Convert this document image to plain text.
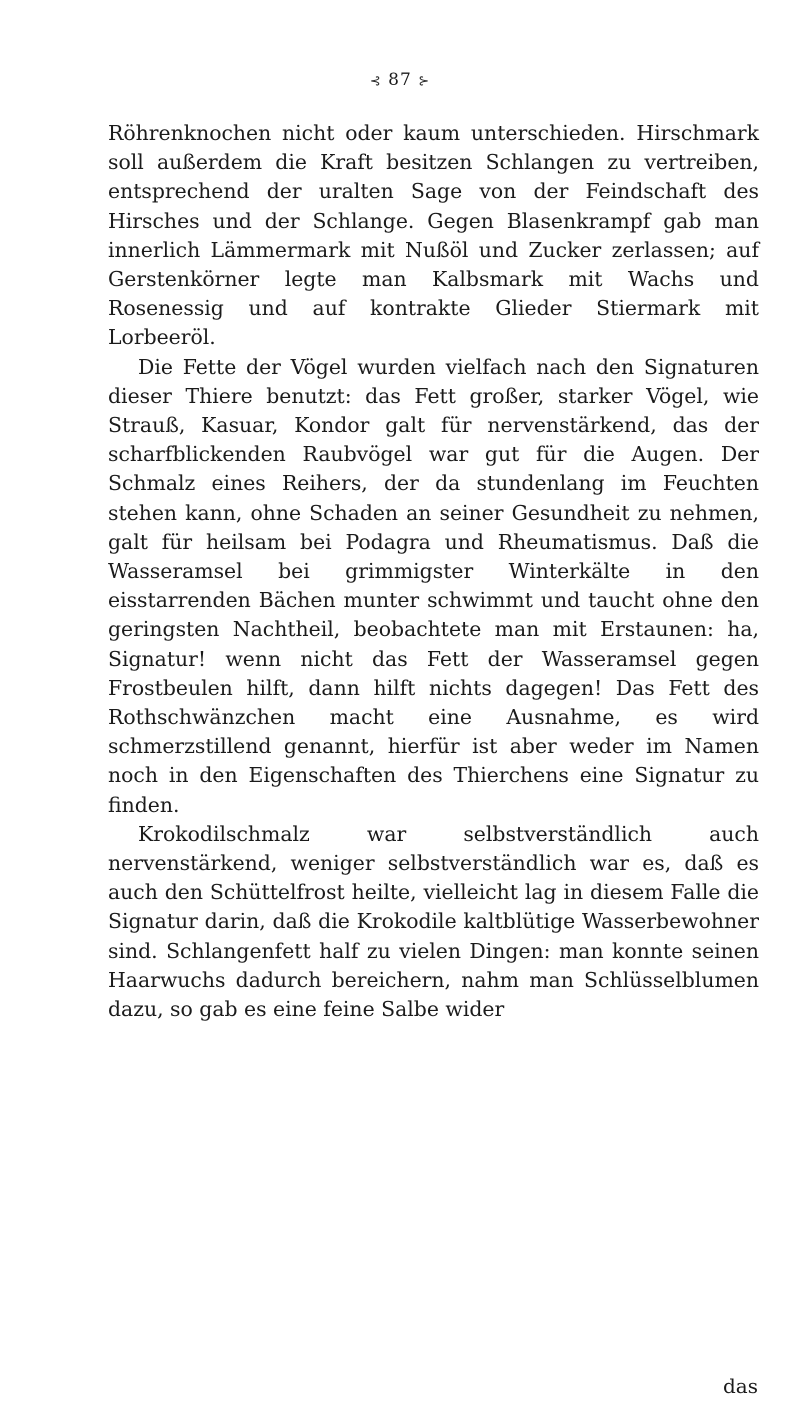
⊰ 87 ⊱

Röhrenknochen nicht oder kaum unterschieden. Hirschmark soll außerdem die Kraft besitzen Schlangen zu vertreiben, entsprechend der uralten Sage von der Feindschaft des Hirsches und der Schlange. Gegen Blasenkrampf gab man innerlich Lämmermark mit Nußöl und Zucker zerlassen; auf Gerstenkörner legte man Kalbsmark mit Wachs und Rosenessig und auf kontrakte Glieder Stiermark mit Lorbeeröl.

Die Fette der Vögel wurden vielfach nach den Signaturen dieser Thiere benutzt: das Fett großer, starker Vögel, wie Strauß, Kasuar, Kondor galt für nervenstärkend, das der scharfblickenden Raubvögel war gut für die Augen. Der Schmalz eines Reihers, der da stundenlang im Feuchten stehen kann, ohne Schaden an seiner Gesundheit zu nehmen, galt für heilsam bei Podagra und Rheumatismus. Daß die Wasseramsel bei grimmigster Winterkälte in den eisstarrenden Bächen munter schwimmt und taucht ohne den geringsten Nachtheil, beobachtete man mit Erstaunen: ha, Signatur! wenn nicht das Fett der Wasseramsel gegen Frostbeulen hilft, dann hilft nichts dagegen! Das Fett des Rothschwänzchen macht eine Ausnahme, es wird schmerzstillend genannt, hierfür ist aber weder im Namen noch in den Eigenschaften des Thierchens eine Signatur zu finden.

Krokodilschmalz war selbstverständlich auch nervenstärkend, weniger selbstverständlich war es, daß es auch den Schüttelfrost heilte, vielleicht lag in diesem Falle die Signatur darin, daß die Krokodile kaltblütige Wasserbewohner sind. Schlangenfett half zu vielen Dingen: man konnte seinen Haarwuchs dadurch bereichern, nahm man Schlüsselblumen dazu, so gab es eine feine Salbe wider

das
